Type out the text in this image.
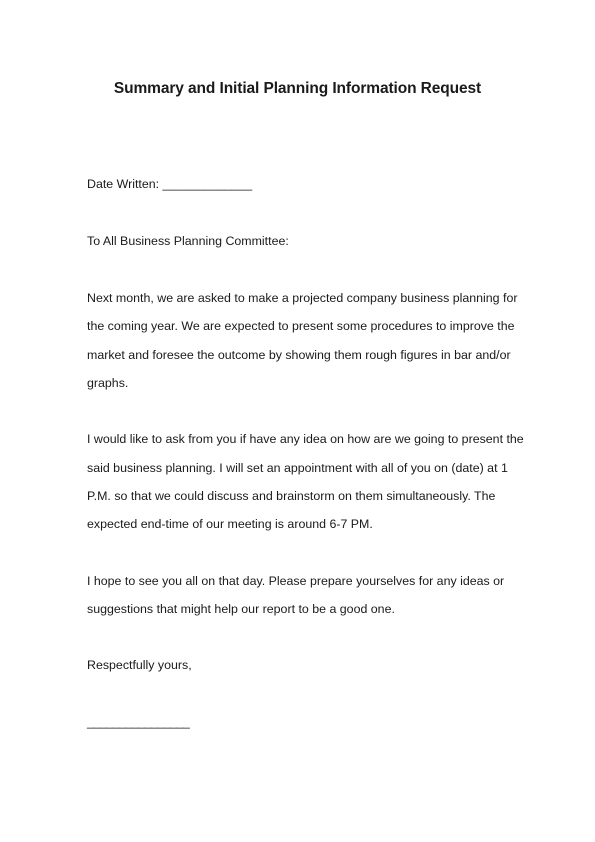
Summary and Initial Planning Information Request

Date Written: _____________

To All Business Planning Committee:

Next month, we are asked to make a projected company business planning for

the coming year. We are expected to present some procedures to improve the

market and foresee the outcome by showing them rough figures in bar and/or

graphs.

I would like to ask from you if have any idea on how are we going to present the

said business planning. I will set an appointment with all of you on (date) at 1

P.M. so that we could discuss and brainstorm on them simultaneously. The

expected end-time of our meeting is around 6-7 PM.

I hope to see you all on that day. Please prepare yourselves for any ideas or

suggestions that might help our report to be a good one.

Respectfully yours,

________________
